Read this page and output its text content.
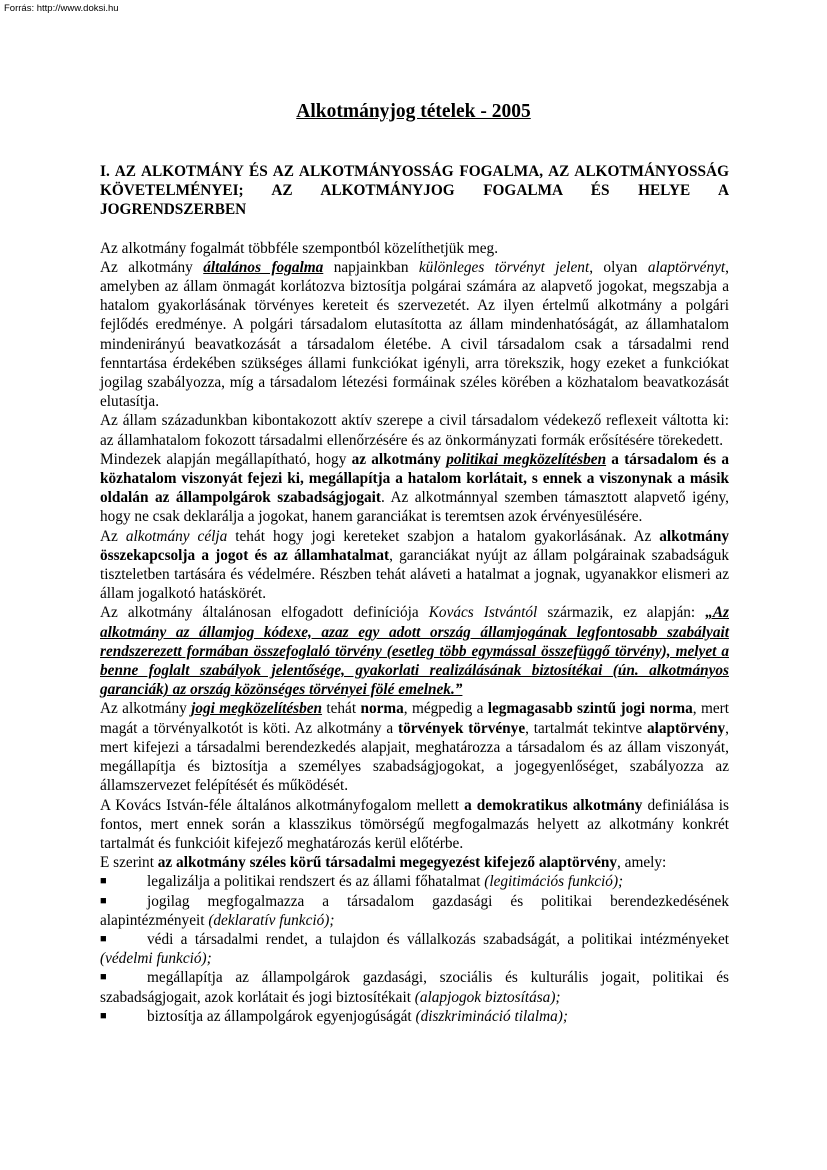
Forrás: http://www.doksi.hu
Alkotmányjog tételek - 2005

I. AZ ALKOTMÁNY ÉS AZ ALKOTMÁNYOSSÁG FOGALMA, AZ ALKOTMÁNYOSSÁG KÖVETELMÉNYEI; AZ ALKOTMÁNYJOG FOGALMA ÉS HELYE A JOGRENDSZERBEN

Az alkotmány fogalmát többféle szempontból közelíthetjük meg.

Az alkotmány általános fogalma napjainkban különleges törvényt jelent, olyan alaptörvényt, amelyben az állam önmagát korlátozva biztosítja polgárai számára az alapvető jogokat, megszabja a hatalom gyakorlásának törvényes kereteit és szervezetét. Az ilyen értelmű alkotmány a polgári fejlődés eredménye. A polgári társadalom elutasította az állam mindenhatóságát, az államhatalom mindenirányú beavatkozását a társadalom életébe. A civil társadalom csak a társadalmi rend fenntartása érdekében szükséges állami funkciókat igényli, arra törekszik, hogy ezeket a funkciókat jogilag szabályozza, míg a társadalom létezési formáinak széles körében a közhatalom beavatkozását elutasítja.

Az állam századunkban kibontakozott aktív szerepe a civil társadalom védekező reflexeit váltotta ki: az államhatalom fokozott társadalmi ellenőrzésére és az önkormányzati formák erősítésére törekedett.

Mindezek alapján megállapítható, hogy az alkotmány politikai megközelítésben a társadalom és a közhatalom viszonyát fejezi ki, megállapítja a hatalom korlátait, s ennek a viszonynak a másik oldalán az állampolgárok szabadságjogait. Az alkotmánnyal szemben támasztott alapvető igény, hogy ne csak deklarálja a jogokat, hanem garanciákat is teremtsen azok érvényesülésére.

Az alkotmány célja tehát hogy jogi kereteket szabjon a hatalom gyakorlásának. Az alkotmány összekapcsolja a jogot és az államhatalmat, garanciákat nyújt az állam polgárainak szabadságuk tiszteletben tartására és védelmére. Részben tehát aláveti a hatalmat a jognak, ugyanakkor elismeri az állam jogalkotó hatáskörét.

Az alkotmány általánosan elfogadott definíciója Kovács Istvántól származik, ez alapján: „Az alkotmány az államjog kódexe, azaz egy adott ország államjogának legfontosabb szabályait rendszerezett formában összefoglaló törvény (esetleg több egymással összefüggő törvény), melyet a benne foglalt szabályok jelentősége, gyakorlati realizálásának biztosítékai (ún. alkotmányos garanciák) az ország közönséges törvényei fölé emelnek.”

Az alkotmány jogi megközelítésben tehát norma, mégpedig a legmagasabb szintű jogi norma, mert magát a törvényalkotót is köti. Az alkotmány a törvények törvénye, tartalmát tekintve alaptörvény, mert kifejezi a társadalmi berendezkedés alapjait, meghatározza a társadalom és az állam viszonyát, megállapítja és biztosítja a személyes szabadságjogokat, a jogegyenlőséget, szabályozza az államszervezet felépítését és működését.

A Kovács István-féle általános alkotmányfogalom mellett a demokratikus alkotmány definiálása is fontos, mert ennek során a klasszikus tömörségű megfogalmazás helyett az alkotmány konkrét tartalmát és funkcióit kifejező meghatározás kerül előtérbe.

E szerint az alkotmány széles körű társadalmi megegyezést kifejező alaptörvény, amely:

■	legalizálja a politikai rendszert és az állami főhatalmat (legitimációs funkció);
■	jogilag megfogalmazza a társadalom gazdasági és politikai berendezkedésének alapintézményeit (deklaratív funkció);
■	védi a társadalmi rendet, a tulajdon és vállalkozás szabadságát, a politikai intézményeket (védelmi funkció);
■	megállapítja az állampolgárok gazdasági, szociális és kulturális jogait, politikai és szabadságjogait, azok korlátait és jogi biztosítékait (alapjogok biztosítása);
■	biztosítja az állampolgárok egyenjogúságát (diszkrimináció tilalma);
